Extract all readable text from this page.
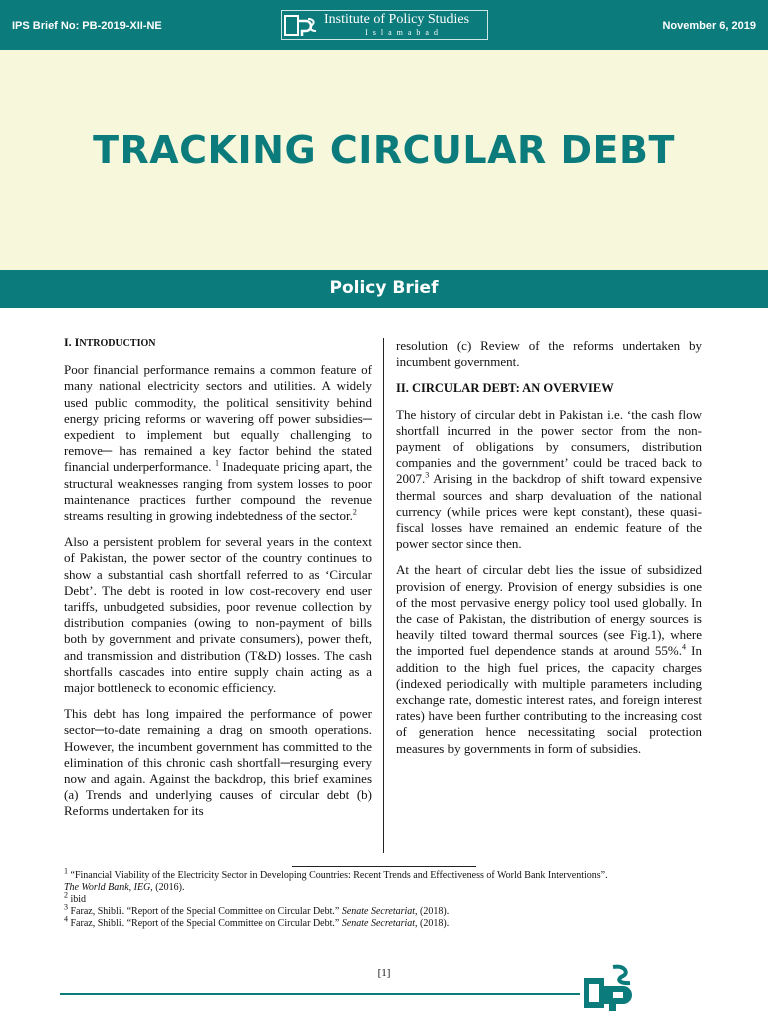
IPS Brief No: PB-2019-XII-NE	Institute of Policy Studies
Islamabad
November 6, 2019
TRACKING CIRCULAR DEBT
Policy Brief
I. INTRODUCTION

Poor financial performance remains a common feature of many national electricity sectors and utilities. A widely used public commodity, the political sensitivity behind energy pricing reforms or wavering off power subsidies─ expedient to implement but equally challenging to remove─ has remained a key factor behind the stated financial underperformance. $^1$ Inadequate pricing apart, the structural weaknesses ranging from system losses to poor maintenance practices further compound the revenue streams resulting in growing indebtedness of the sector.$^2$

Also a persistent problem for several years in the context of Pakistan, the power sector of the country continues to show a substantial cash shortfall referred to as ‘Circular Debt’. The debt is rooted in low cost-recovery end user tariffs, unbudgeted subsidies, poor revenue collection by distribution companies (owing to non-payment of bills both by government and private consumers), power theft, and transmission and distribution (T&D) losses. The cash shortfalls cascades into entire supply chain acting as a major bottleneck to economic efficiency.

This debt has long impaired the performance of power sector─to-date remaining a drag on smooth operations. However, the incumbent government has committed to the elimination of this chronic cash shortfall─resurging every now and again. Against the backdrop, this brief examines (a) Trends and underlying causes of circular debt (b) Reforms undertaken for its

resolution (c) Review of the reforms undertaken by incumbent government.

II. CIRCULAR DEBT: AN OVERVIEW

The history of circular debt in Pakistan i.e. ‘the cash flow shortfall incurred in the power sector from the non-payment of obligations by consumers, distribution companies and the government’ could be traced back to 2007.$^3$ Arising in the backdrop of shift toward expensive thermal sources and sharp devaluation of the national currency (while prices were kept constant), these quasi-fiscal losses have remained an endemic feature of the power sector since then.

At the heart of circular debt lies the issue of subsidized provision of energy. Provision of energy subsidies is one of the most pervasive energy policy tool used globally. In the case of Pakistan, the distribution of energy sources is heavily tilted toward thermal sources (see Fig.1), where the imported fuel dependence stands at around 55%.$^4$ In addition to the high fuel prices, the capacity charges (indexed periodically with multiple parameters including exchange rate, domestic interest rates, and foreign interest rates) have been further contributing to the increasing cost of generation hence necessitating social protection measures by governments in form of subsidies.

$^1$ “Financial Viability of the Electricity Sector in Developing Countries: Recent Trends and Effectiveness of World Bank Interventions”.
The World Bank, IEG, (2016).

$^2$ ibid

$^3$ Faraz, Shibli. “Report of the Special Committee on Circular Debt.” Senate Secretariat, (2018).

$^4$ Faraz, Shibli. “Report of the Special Committee on Circular Debt.” Senate Secretariat, (2018).

[1]
